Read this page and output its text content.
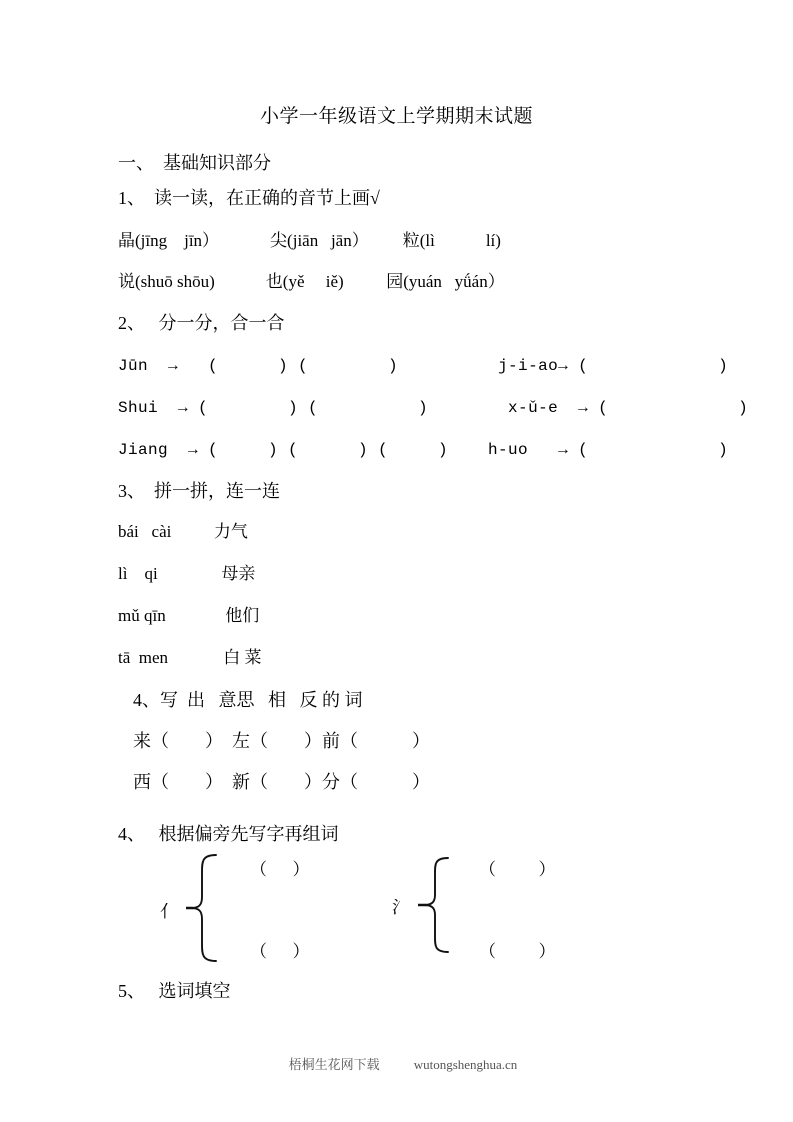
小学一年级语文上学期期末试题
一、  基础知识部分
1、  读一读，在正确的音节上画√
晶(jīng    jīn）            尖(jiān   jān）        粒(lì            lí)
说(shuō shōu)            也(yě     iě)          园(yuán   yǘán）
2、   分一分，合一合
Jūn  →   (      ) (        )          j-i-ao→ (             )
Shui  → (        ) (          )        x-ǔ-e  → (             )
Jiang  → (     ) (      ) (     )    h-uo   → (             )
3、  拼一拼，连一连
bái   cài          力气
lì    qi               母亲
mǔ qīn              他们
tā  men             白 菜
4、写  出   意思   相   反 的 词
来（        ）  左（        ）前（            ）
西（        ）  新（        ）分（            ）
4、   根据偏旁先写字再组词
亻
（      ）
（      ）
氵
（          ）
（          ）
5、   选词填空

梧桐生花网下载	wutongshenghua.cn
